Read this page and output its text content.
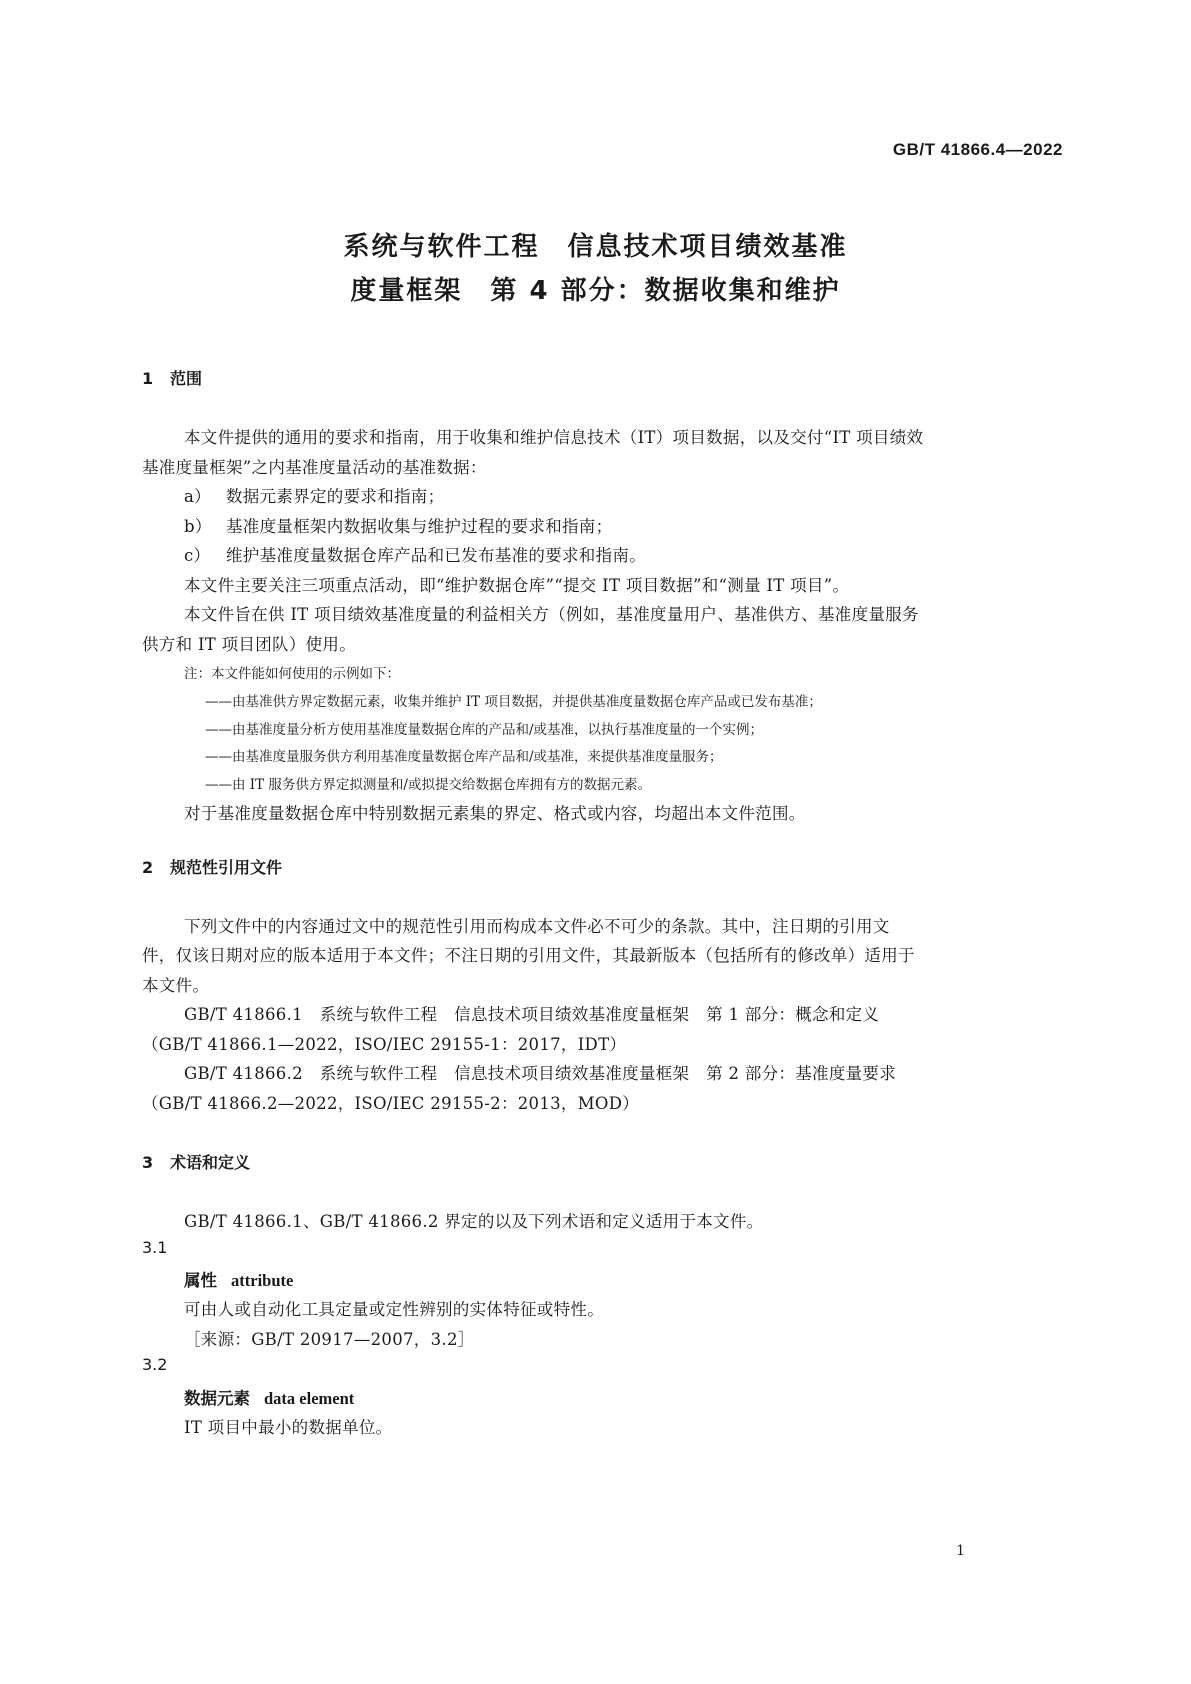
GB/T 41866.4—2022
系统与软件工程　信息技术项目绩效基准
度量框架　第 4 部分：数据收集和维护
1 范围
本文件提供的通用的要求和指南，用于收集和维护信息技术（IT）项目数据，以及交付“IT 项目绩效
基准度量框架”之内基准度量活动的基准数据：
a） 数据元素界定的要求和指南；
b） 基准度量框架内数据收集与维护过程的要求和指南；
c） 维护基准度量数据仓库产品和已发布基准的要求和指南。
本文件主要关注三项重点活动，即“维护数据仓库”“提交 IT 项目数据”和“测量 IT 项目”。
本文件旨在供 IT 项目绩效基准度量的利益相关方（例如，基准度量用户、基准供方、基准度量服务
供方和 IT 项目团队）使用。
注：本文件能如何使用的示例如下：
——由基准供方界定数据元素，收集并维护 IT 项目数据，并提供基准度量数据仓库产品或已发布基准；
——由基准度量分析方使用基准度量数据仓库的产品和/或基准，以执行基准度量的一个实例；
——由基准度量服务供方利用基准度量数据仓库产品和/或基准，来提供基准度量服务；
——由 IT 服务供方界定拟测量和/或拟提交给数据仓库拥有方的数据元素。
对于基准度量数据仓库中特别数据元素集的界定、格式或内容，均超出本文件范围。
2 规范性引用文件
下列文件中的内容通过文中的规范性引用而构成本文件必不可少的条款。其中，注日期的引用文
件，仅该日期对应的版本适用于本文件；不注日期的引用文件，其最新版本（包括所有的修改单）适用于
本文件。
GB/T 41866.1　系统与软件工程　信息技术项目绩效基准度量框架　第 1 部分：概念和定义
（GB/T 41866.1—2022，ISO/IEC 29155-1：2017，IDT）
GB/T 41866.2　系统与软件工程　信息技术项目绩效基准度量框架　第 2 部分：基准度量要求
（GB/T 41866.2—2022，ISO/IEC 29155-2：2013，MOD）
3 术语和定义
GB/T 41866.1、GB/T 41866.2 界定的以及下列术语和定义适用于本文件。
3.1
属性 attribute
可由人或自动化工具定量或定性辨别的实体特征或特性。
［来源：GB/T 20917—2007，3.2］
3.2
数据元素 data element
IT 项目中最小的数据单位。
1
